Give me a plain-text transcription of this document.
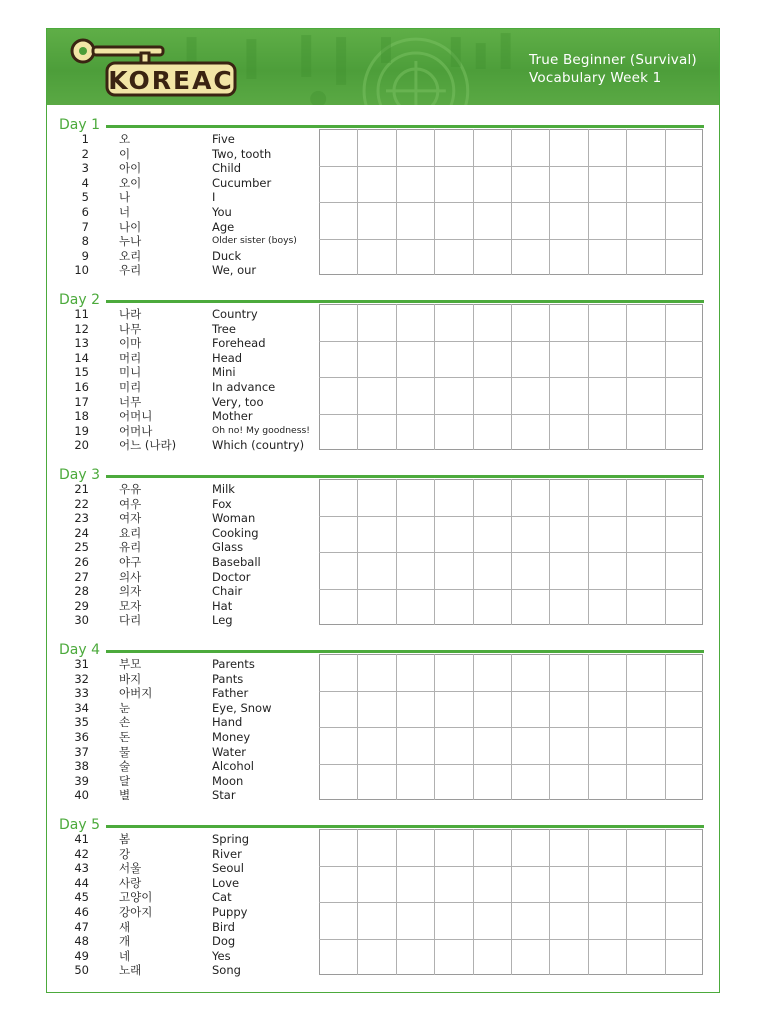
KOREAC
True Beginner (Survival)
Vocabulary Week 1
Day 1
1	오	Five
2	이	Two, tooth
3	아이	Child
4	오이	Cucumber
5	나	I
6	너	You
7	나이	Age
8	누나	Older sister (boys)
9	오리	Duck
10	우리	We, our
Day 2
11	나라	Country
12	나무	Tree
13	이마	Forehead
14	머리	Head
15	미니	Mini
16	미리	In advance
17	너무	Very, too
18	어머니	Mother
19	어머나	Oh no! My goodness!
20	어느 (나라)	Which (country)
Day 3
21	우유	Milk
22	여우	Fox
23	여자	Woman
24	요리	Cooking
25	유리	Glass
26	야구	Baseball
27	의사	Doctor
28	의자	Chair
29	모자	Hat
30	다리	Leg
Day 4
31	부모	Parents
32	바지	Pants
33	아버지	Father
34	눈	Eye, Snow
35	손	Hand
36	돈	Money
37	물	Water
38	술	Alcohol
39	달	Moon
40	별	Star
Day 5
41	봄	Spring
42	강	River
43	서울	Seoul
44	사랑	Love
45	고양이	Cat
46	강아지	Puppy
47	새	Bird
48	개	Dog
49	네	Yes
50	노래	Song
